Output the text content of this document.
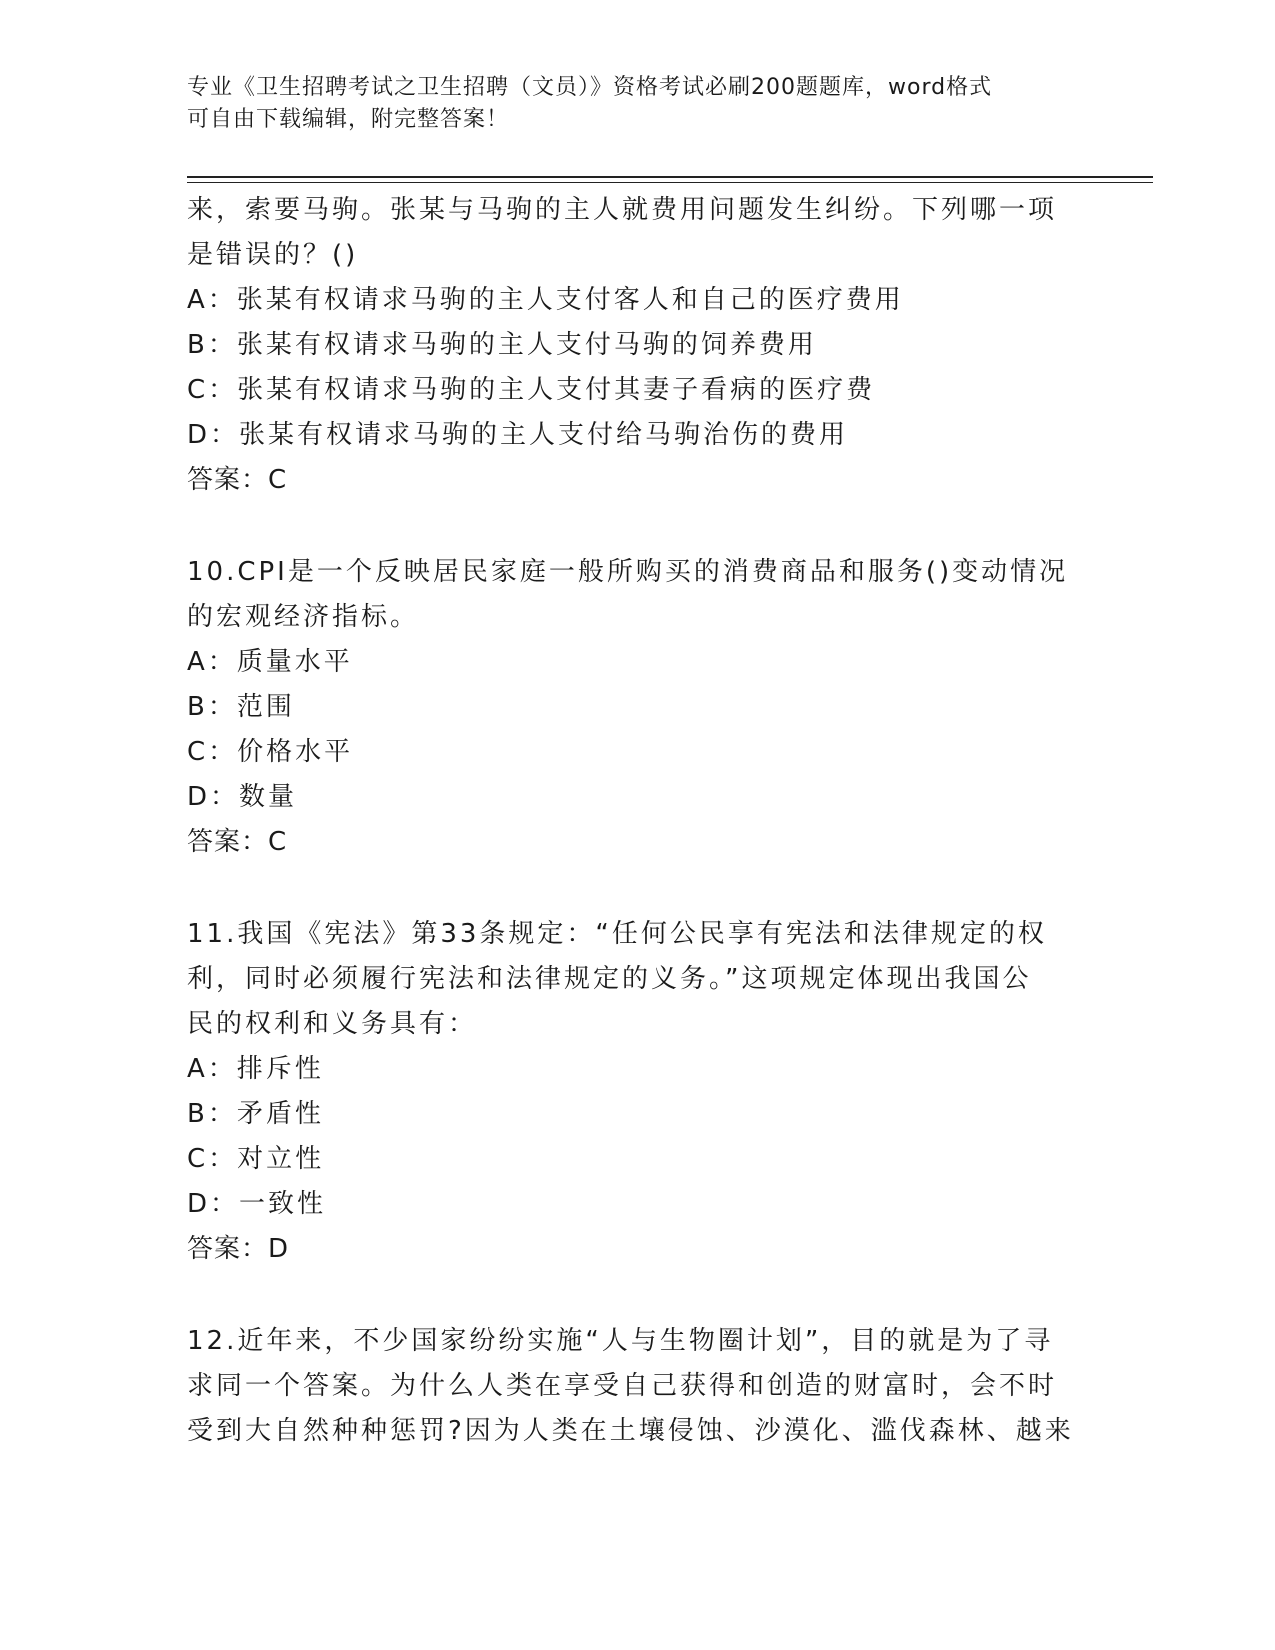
专业《卫生招聘考试之卫生招聘（文员）》资格考试必刷200题题库，word格式
可自由下载编辑，附完整答案！
来，索要马驹。张某与马驹的主人就费用问题发生纠纷。下列哪一项
是错误的？()
A：张某有权请求马驹的主人支付客人和自己的医疗费用
B：张某有权请求马驹的主人支付马驹的饲养费用
C：张某有权请求马驹的主人支付其妻子看病的医疗费
D：张某有权请求马驹的主人支付给马驹治伤的费用
答案：C
10.CPI是一个反映居民家庭一般所购买的消费商品和服务()变动情况
的宏观经济指标。
A：质量水平
B：范围
C：价格水平
D：数量
答案：C
11.我国《宪法》第33条规定：“任何公民享有宪法和法律规定的权
利，同时必须履行宪法和法律规定的义务。”这项规定体现出我国公
民的权利和义务具有：
A：排斥性
B：矛盾性
C：对立性
D：一致性
答案：D
12.近年来，不少国家纷纷实施“人与生物圈计划”，目的就是为了寻
求同一个答案。为什么人类在享受自己获得和创造的财富时，会不时
受到大自然种种惩罚?因为人类在土壤侵蚀、沙漠化、滥伐森林、越来
